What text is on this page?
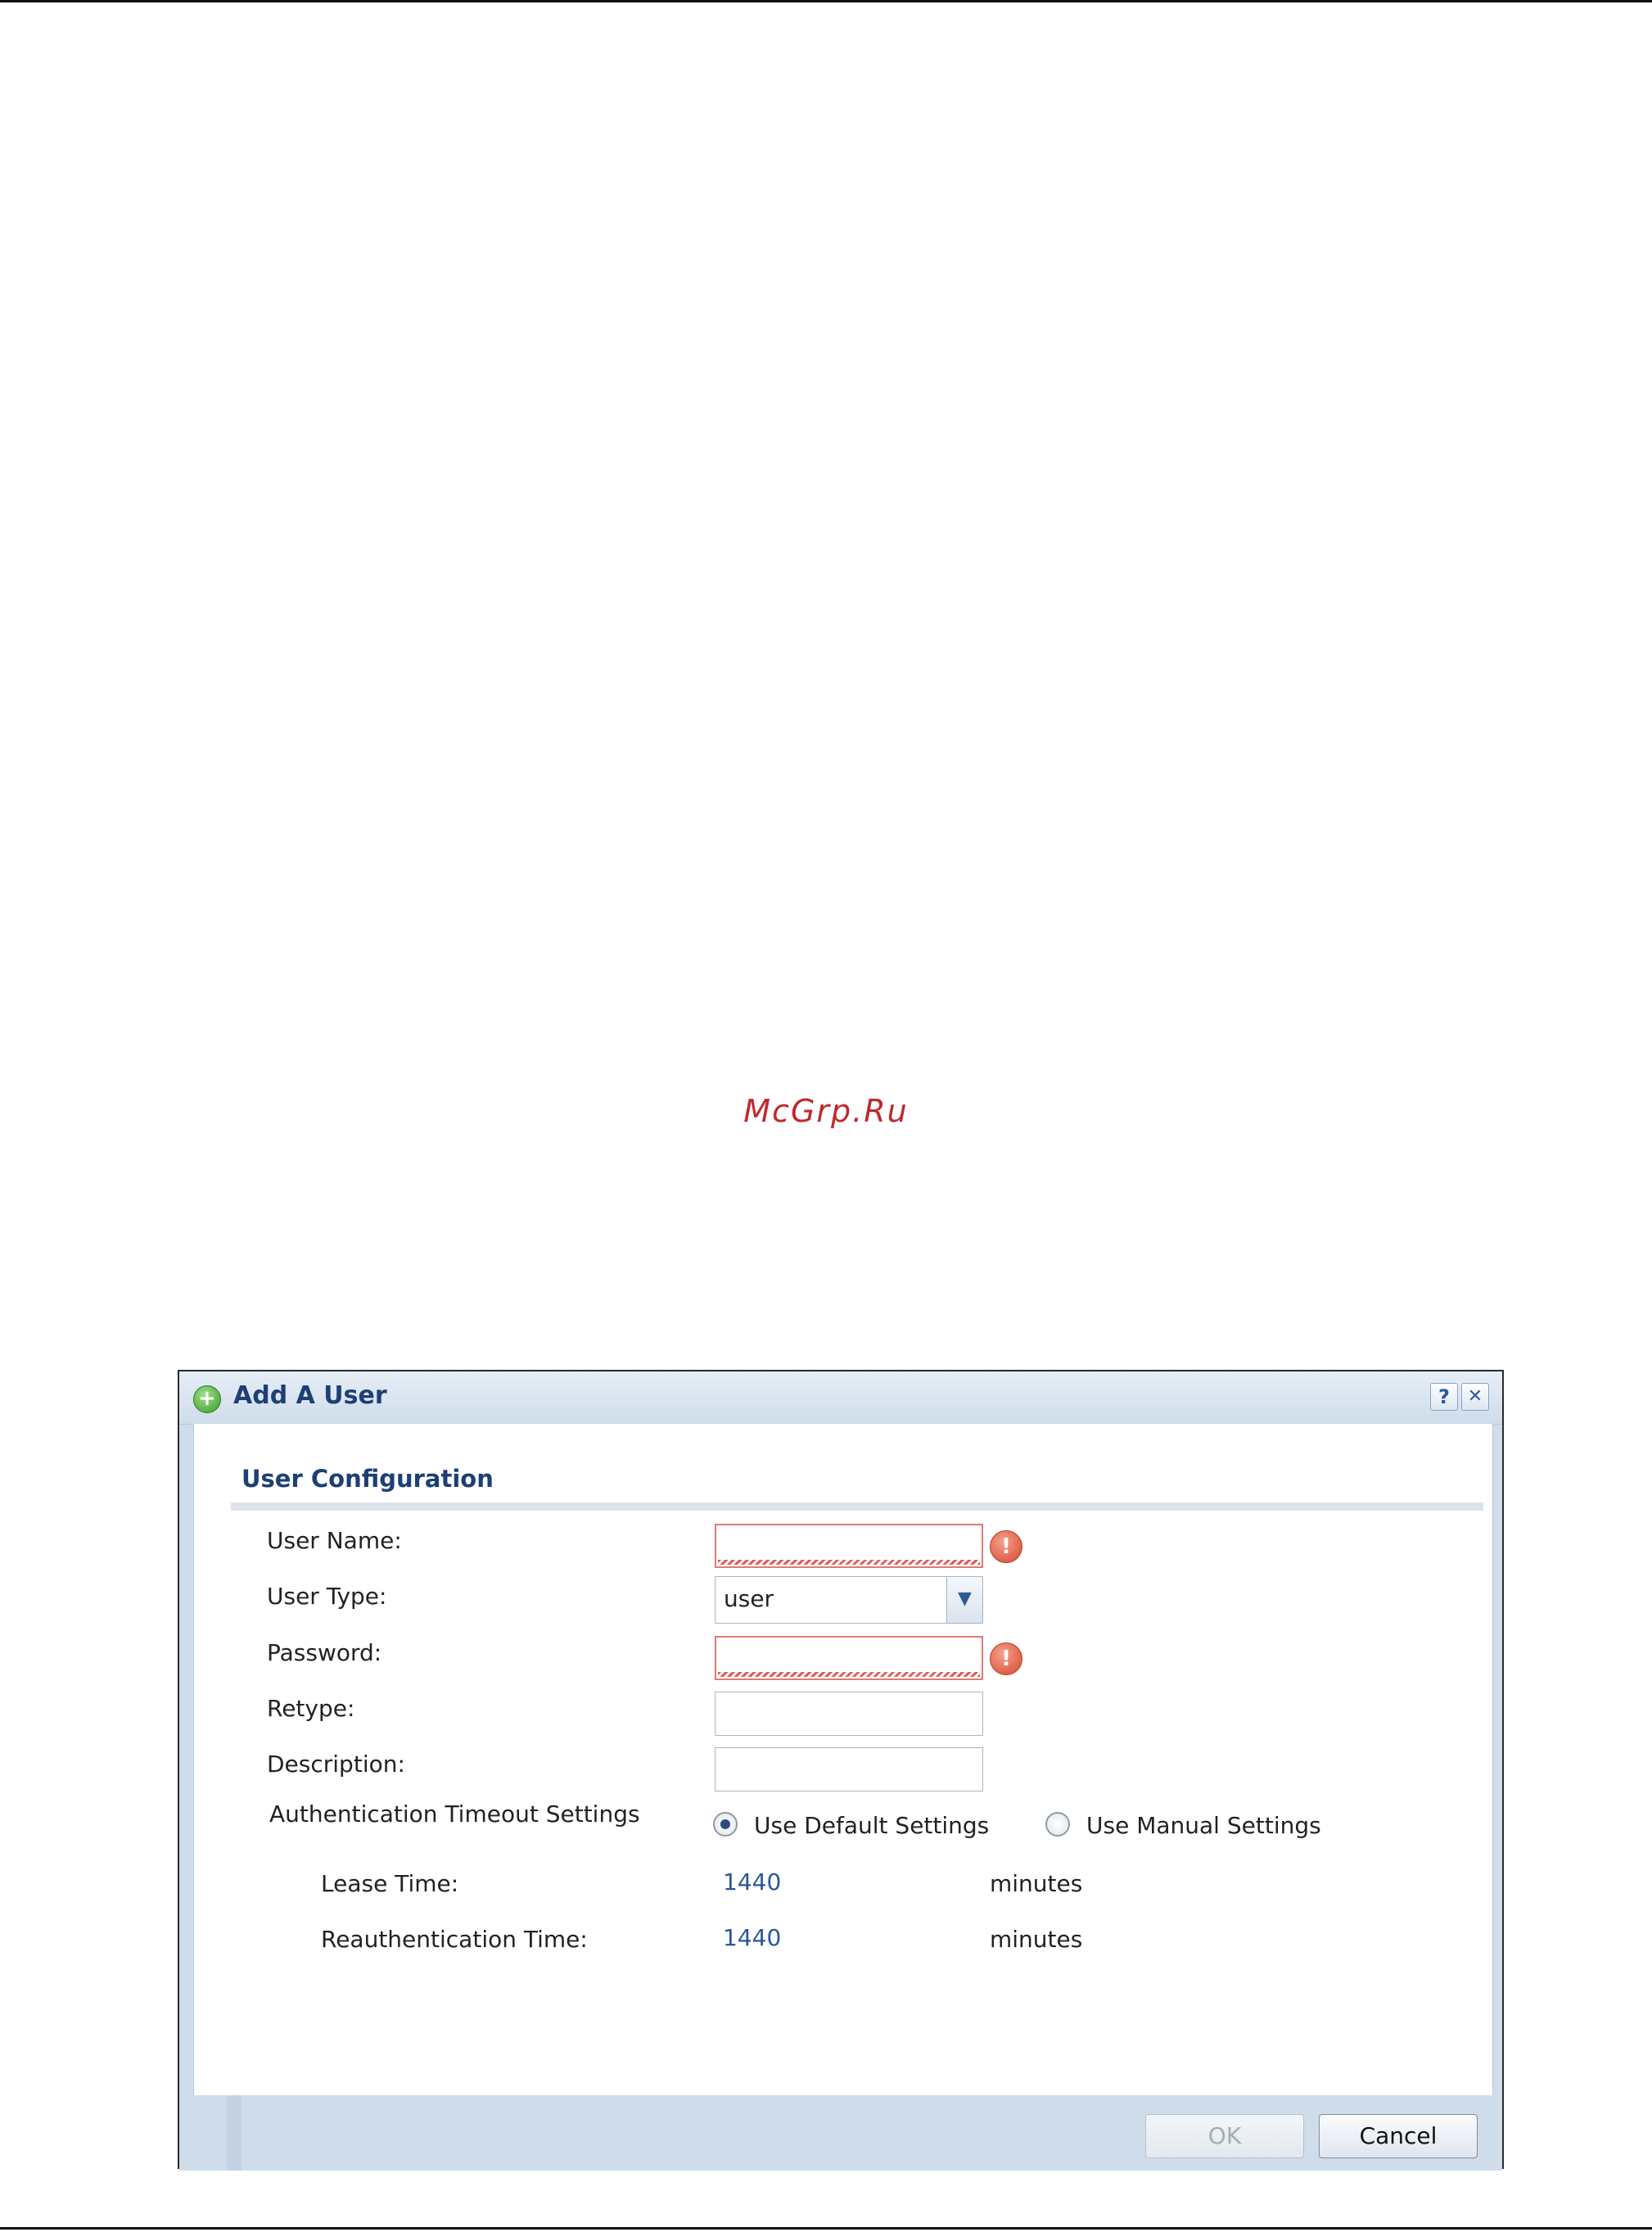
McGrp.Ru
+ Add A User	? ✕
User Configuration
User Name:	!
User Type:	user	▼
Password:	!
Retype:
Description:
Authentication Timeout Settings	Use Default Settings	Use Manual Settings
Lease Time:	1440	minutes
Reauthentication Time:	1440	minutes
OK	Cancel
